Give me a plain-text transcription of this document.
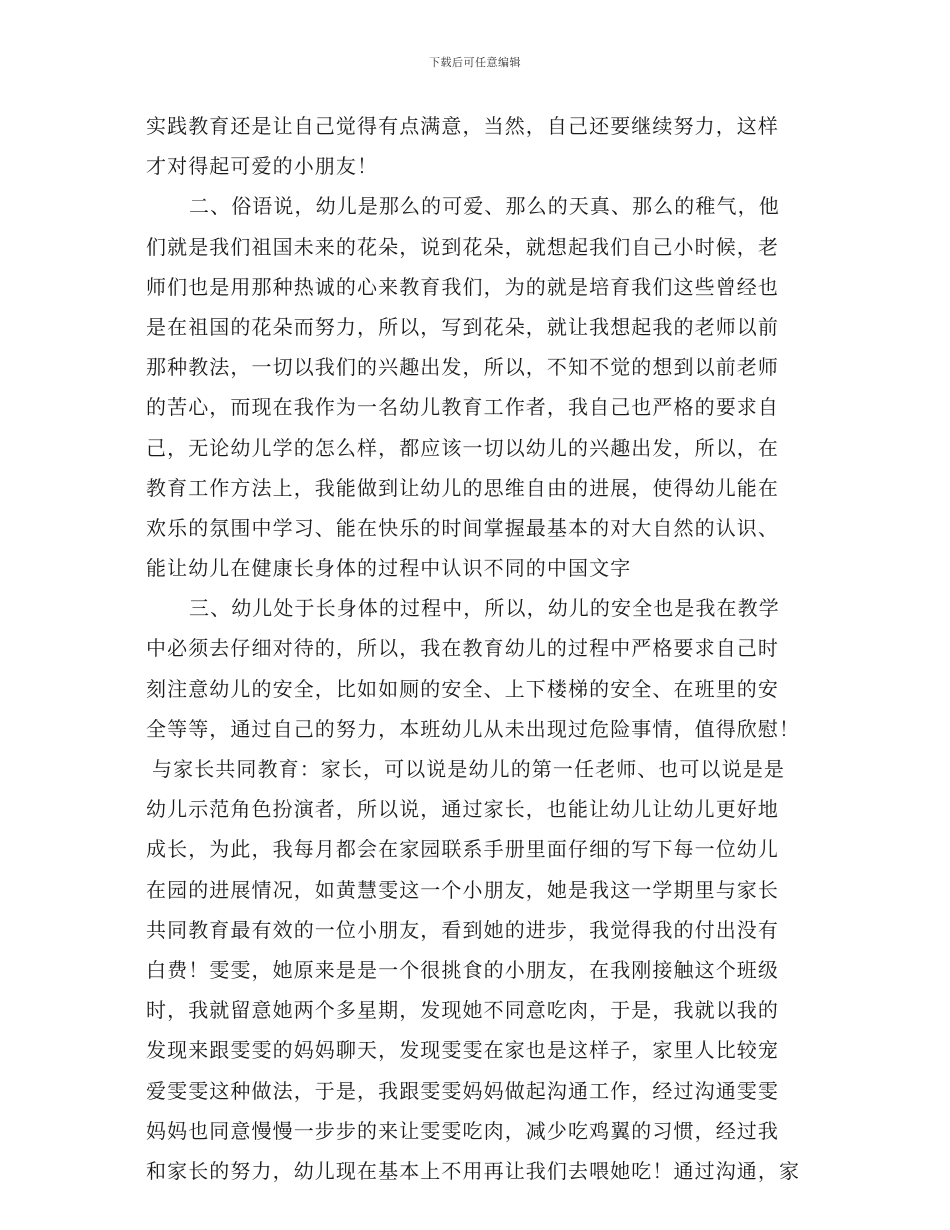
下载后可任意编辑
实践教育还是让自己觉得有点满意，当然，自己还要继续努力，这样
才对得起可爱的小朋友！
二、俗语说，幼儿是那么的可爱、那么的天真、那么的稚气，他
们就是我们祖国未来的花朵，说到花朵，就想起我们自己小时候，老
师们也是用那种热诚的心来教育我们，为的就是培育我们这些曾经也
是在祖国的花朵而努力，所以，写到花朵，就让我想起我的老师以前
那种教法，一切以我们的兴趣出发，所以，不知不觉的想到以前老师
的苦心，而现在我作为一名幼儿教育工作者，我自己也严格的要求自
己，无论幼儿学的怎么样，都应该一切以幼儿的兴趣出发，所以，在
教育工作方法上，我能做到让幼儿的思维自由的进展，使得幼儿能在
欢乐的氛围中学习、能在快乐的时间掌握最基本的对大自然的认识、
能让幼儿在健康长身体的过程中认识不同的中国文字
三、幼儿处于长身体的过程中，所以，幼儿的安全也是我在教学
中必须去仔细对待的，所以，我在教育幼儿的过程中严格要求自己时
刻注意幼儿的安全，比如如厕的安全、上下楼梯的安全、在班里的安
全等等，通过自己的努力，本班幼儿从未出现过危险事情，值得欣慰！
与家长共同教育：家长，可以说是幼儿的第一任老师、也可以说是是
幼儿示范角色扮演者，所以说，通过家长，也能让幼儿让幼儿更好地
成长，为此，我每月都会在家园联系手册里面仔细的写下每一位幼儿
在园的进展情况，如黄慧雯这一个小朋友，她是我这一学期里与家长
共同教育最有效的一位小朋友，看到她的进步，我觉得我的付出没有
白费！雯雯，她原来是是一个很挑食的小朋友，在我刚接触这个班级
时，我就留意她两个多星期，发现她不同意吃肉，于是，我就以我的
发现来跟雯雯的妈妈聊天，发现雯雯在家也是这样子，家里人比较宠
爱雯雯这种做法，于是，我跟雯雯妈妈做起沟通工作，经过沟通雯雯
妈妈也同意慢慢一步步的来让雯雯吃肉，减少吃鸡翼的习惯，经过我
和家长的努力，幼儿现在基本上不用再让我们去喂她吃！通过沟通，家
